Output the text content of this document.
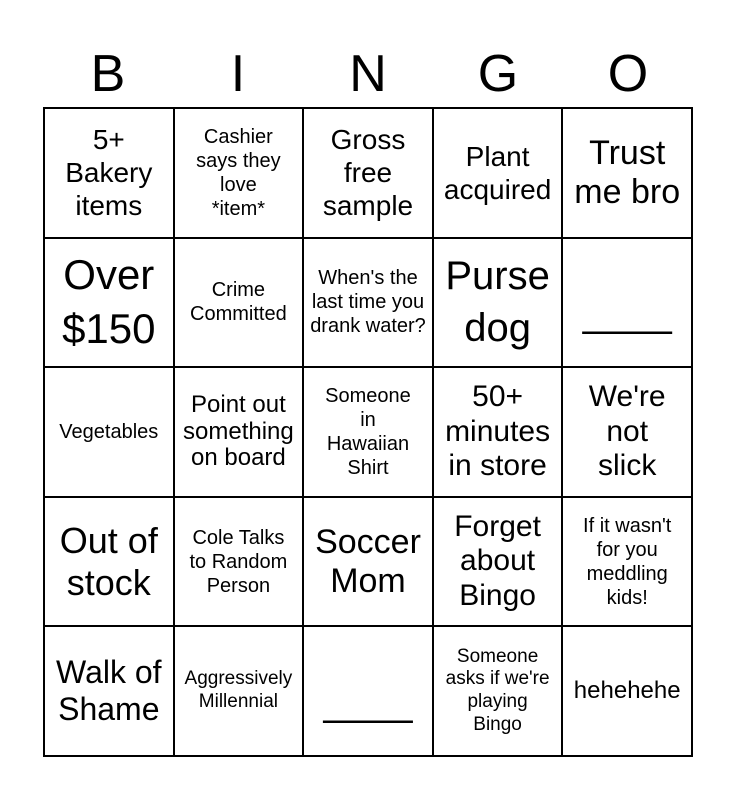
B	I	N	G	O
5+ Bakery items
Cashier says they love *item*
Gross free sample
Plant acquired
Trust me bro
Over $150
Crime Committed
When's the last time you drank water?
Purse dog	____
Vegetables
Point out something on board
Someone in Hawaiian Shirt
50+ minutes in store
We're not slick
Out of stock
Cole Talks to Random Person
Soccer Mom
Forget about Bingo
If it wasn't for you meddling kids!
Walk of Shame
Aggressively Millennial	____
Someone asks if we're playing Bingo
hehehehe
